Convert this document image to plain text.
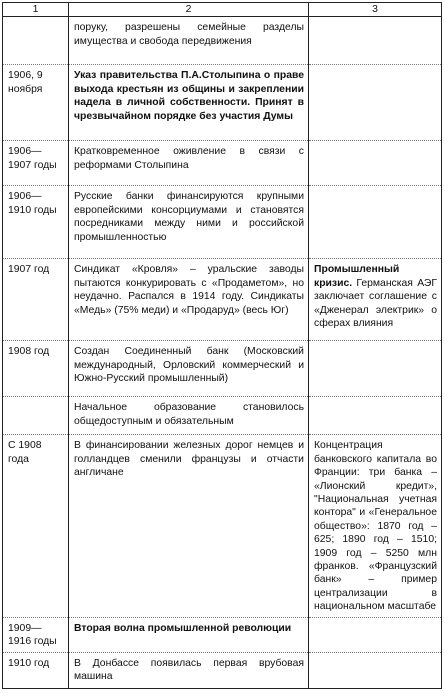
1	2	3
	поруку, разрешены семейные разделы имущества и свобода передвижения	
1906, 9 ноября	Указ правительства П.А.Столыпина о праве выхода крестьян из общины и закреплении надела в личной собственности. Принят в чрезвычайном порядке без участия Думы	
1906—1907 годы	Кратковременное оживление в связи с реформами Столыпина	
1906—1910 годы	Русские банки финансируются крупными европейскими консорциумами и становятся посредниками между ними и российской промышленностью	
1907 год	Синдикат «Кровля» – уральские заводы пытаются конкурировать с «Продаметом», но неудачно. Распался в 1914 году. Синдикаты «Медь» (75% меди) и «Продаруд» (весь Юг)	Промышленный кризис. Германская АЭГ заключает соглашение с «Дженерал электрик» о сферах влияния
1908 год	Создан Соединенный банк (Московский международный, Орловский коммерческий и Южно-Русский промышленный)	
	Начальное образование становилось общедоступным и обязательным	
С 1908 года	В финансировании железных дорог немцев и голландцев сменили французы и отчасти англичане	Концентрация банковского капитала во Франции: три банка – «Лионский кредит», "Национальная учетная контора" и «Генеральное общество»: 1870 год – 625; 1890 год – 1510; 1909 год – 5250 млн франков. «Французский банк» – пример централизации в национальном масштабе
1909—1916 годы	Вторая волна промышленной революции	
1910 год	В Донбассе появилась первая врубовая машина	
